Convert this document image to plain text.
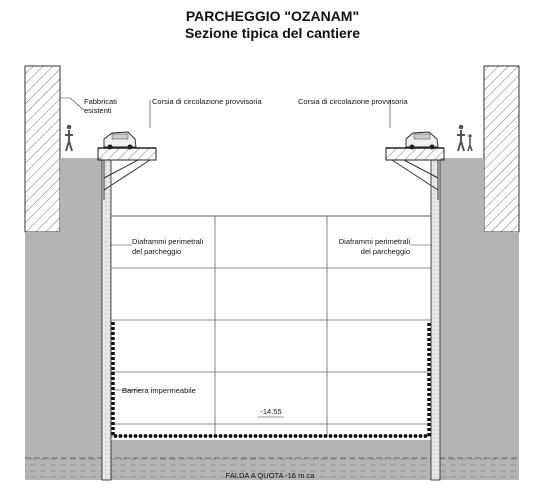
PARCHEGGIO "OZANAM"
Sezione tipica del cantiere
Fabbricati
esistenti
Corsia di circolazione provvisoria	Corsia di circolazione provvisoria
Diaframmi perimetrali
del parcheggio
Diaframmi perimetrali
del parcheggio
Barriera impermeabile
-14.55
FALDA A QUOTA -16 m ca
